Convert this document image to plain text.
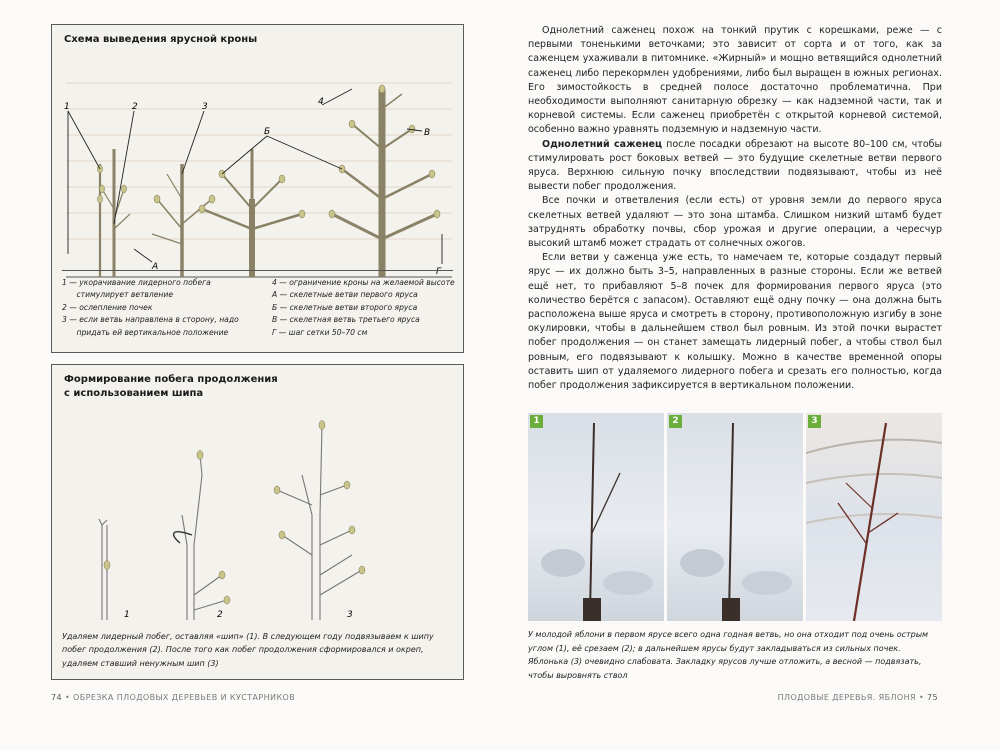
Схема выведения ярусной кроны
1	2	3	4
Б	В
А	Г
1 — укорачивание лидерного побега
стимулирует ветвление
2 — ослепление почек
3 — если ветвь направлена в сторону, надо
придать ей вертикальное положение
4 — ограничение кроны на желаемой высоте
А — скелетные ветви первого яруса
Б — скелетные ветви второго яруса
В — скелетная ветвь третьего яруса
Г — шаг сетки 50–70 см
Формирование побега продолжения
с использованием шипа
1	2	3
Удаляем лидерный побег, оставляя «шип» (1). В следующем году подвязываем к шипу побег продолжения (2). После того как побег продолжения сформировался и окреп, удаляем ставший ненужным шип (3)

Однолетний саженец похож на тонкий прутик с корешками, реже — с первыми тоненькими веточками; это зависит от сорта и от того, как за саженцем ухаживали в питомнике. «Жирный» и мощно ветвящийся однолетний саженец либо перекормлен удобрениями, либо был выращен в южных регионах. Его зимостойкость в средней полосе достаточно проблематична. При необходимости выполняют санитарную обрезку — как надземной части, так и корневой системы. Если саженец приобретён с открытой корневой системой, особенно важно уравнять подземную и надземную части.

Однолетний саженец после посадки обрезают на высоте 80–100 см, чтобы стимулировать рост боковых ветвей — это будущие скелетные ветви первого яруса. Верхнюю сильную почку впоследствии подвязывают, чтобы из неё вывести побег продолжения.

Все почки и ответвления (если есть) от уровня земли до первого яруса скелетных ветвей удаляют — это зона штамба. Слишком низкий штамб будет затруднять обработку почвы, сбор урожая и другие операции, а чересчур высокий штамб может страдать от солнечных ожогов.

Если ветви у саженца уже есть, то намечаем те, которые создадут первый ярус — их должно быть 3–5, направленных в разные стороны. Если же ветвей ещё нет, то прибавляют 5–8 почек для формирования первого яруса (это количество берётся с запасом). Оставляют ещё одну почку — она должна быть расположена выше яруса и смотреть в сторону, противоположную изгибу в зоне окулировки, чтобы в дальнейшем ствол был ровным. Из этой почки вырастет побег продолжения — он станет замещать лидерный побег, а чтобы ствол был ровным, его подвязывают к колышку. Можно в качестве временной опоры оставить шип от удаляемого лидерного побега и срезать его полностью, когда побег продолжения зафиксируется в вертикальном положении.

1	2	3
У молодой яблони в первом ярусе всего одна годная ветвь, но она отходит под очень острым углом (1), её срезаем (2); в дальнейшем ярусы будут закладываться из сильных почек. Яблонька (3) очевидно слабовата. Закладку ярусов лучше отложить, а весной — подвязать, чтобы выровнять ствол
74 • ОБРЕЗКА ПЛОДОВЫХ ДЕРЕВЬЕВ И КУСТАРНИКОВ	ПЛОДОВЫЕ ДЕРЕВЬЯ. ЯБЛОНЯ • 75
